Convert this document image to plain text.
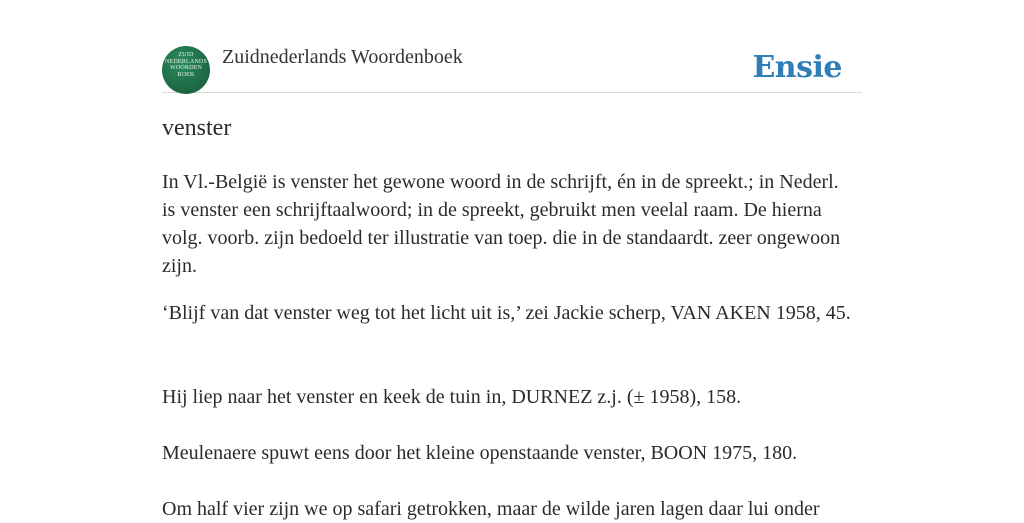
ZUID
NEDERLANDS
WOORDEN
BOEK
Zuidnederlands Woordenboek	Ensie
venster

In Vl.-België is venster het gewone woord in de schrijft, én in de spreekt.; in Nederl. is venster een schrijftaalwoord; in de spreekt, gebruikt men veelal raam. De hierna volg. voorb. zijn bedoeld ter illustratie van toep. die in de standaardt. zeer ongewoon zijn.

‘Blijf van dat venster weg tot het licht uit is,’ zei Jackie scherp, VAN AKEN 1958, 45.

Hij liep naar het venster en keek de tuin in, DURNEZ z.j. (± 1958), 158.

Meulenaere spuwt eens door het kleine openstaande venster, BOON 1975, 180.

Om half vier zijn we op safari getrokken, maar de wilde jaren lagen daar lui onder
